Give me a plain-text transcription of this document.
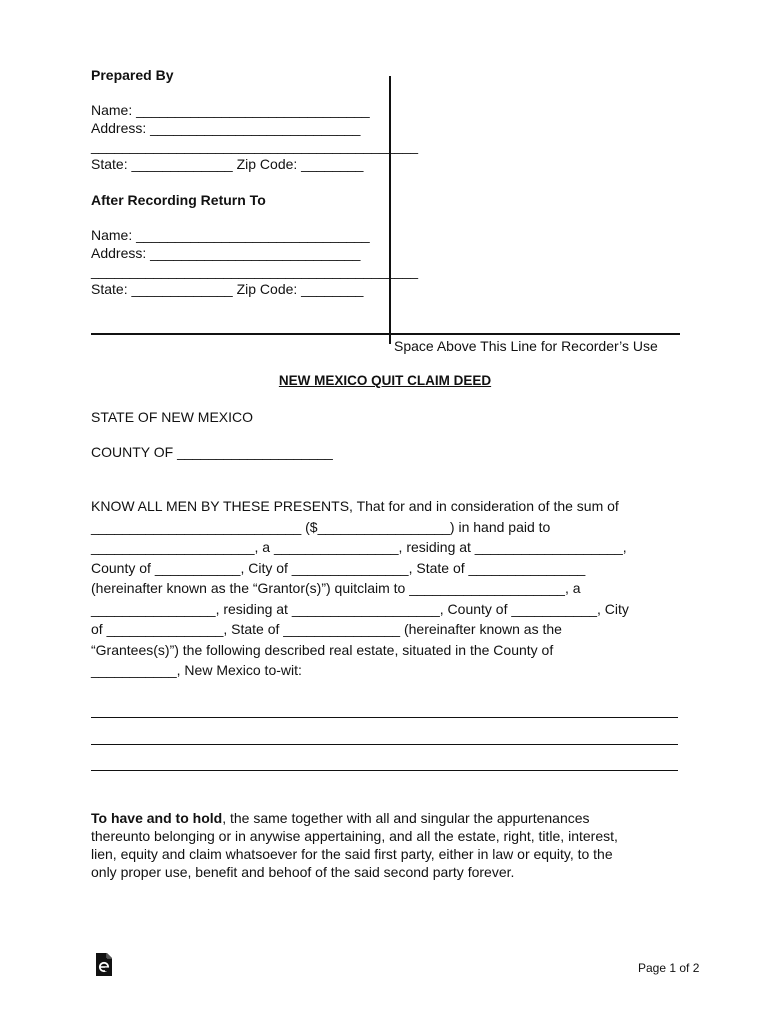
Prepared By
Name: ______________________________
Address: ___________________________
__________________________________________
State: _____________ Zip Code: ________
After Recording Return To
Name: ______________________________
Address: ___________________________
__________________________________________
State: _____________ Zip Code: ________
Space Above This Line for Recorder’s Use
NEW MEXICO QUIT CLAIM DEED
STATE OF NEW MEXICO
COUNTY OF ____________________
KNOW ALL MEN BY THESE PRESENTS, That for and in consideration of the sum of
___________________________ ($_________________) in hand paid to
_____________________, a ________________, residing at ___________________,
County of ___________, City of _______________, State of _______________
(hereinafter known as the “Grantor(s)”) quitclaim to ____________________, a
________________, residing at ___________________, County of ___________, City
of _______________, State of _______________ (hereinafter known as the
“Grantees(s)”) the following described real estate, situated in the County of
___________, New Mexico to-wit:
To have and to hold, the same together with all and singular the appurtenances
thereunto belonging or in anywise appertaining, and all the estate, right, title, interest,
lien, equity and claim whatsoever for the said first party, either in law or equity, to the
only proper use, benefit and behoof of the said second party forever.
Page 1 of 2
